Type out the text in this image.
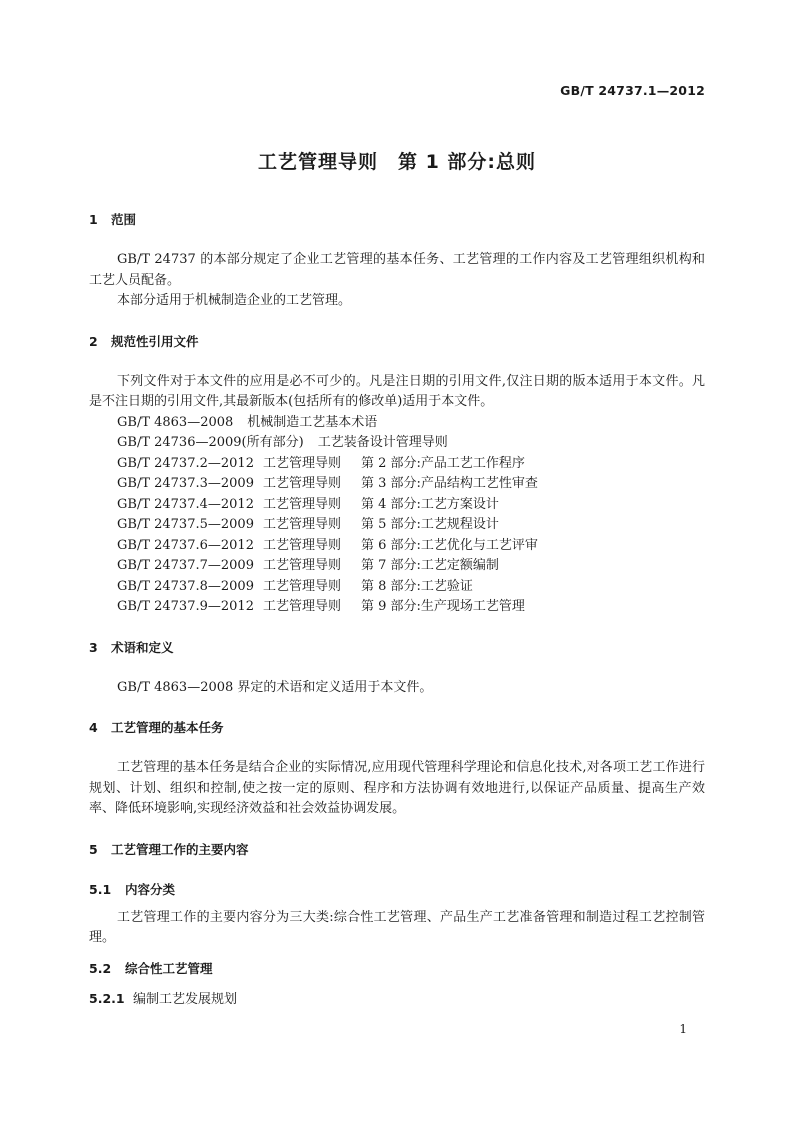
GB/T 24737.1—2012
工艺管理导则　第 1 部分:总则
1 范围
GB/T 24737 的本部分规定了企业工艺管理的基本任务、工艺管理的工作内容及工艺管理组织机构和工艺人员配备。
本部分适用于机械制造企业的工艺管理。
2 规范性引用文件
下列文件对于本文件的应用是必不可少的。凡是注日期的引用文件,仅注日期的版本适用于本文件。凡是不注日期的引用文件,其最新版本(包括所有的修改单)适用于本文件。
GB/T 4863—2008 机械制造工艺基本术语
GB/T 24736—2009(所有部分) 工艺装备设计管理导则
GB/T 24737.2—2012 工艺管理导则 第 2 部分:产品工艺工作程序
GB/T 24737.3—2009 工艺管理导则 第 3 部分:产品结构工艺性审查
GB/T 24737.4—2012 工艺管理导则 第 4 部分:工艺方案设计
GB/T 24737.5—2009 工艺管理导则 第 5 部分:工艺规程设计
GB/T 24737.6—2012 工艺管理导则 第 6 部分:工艺优化与工艺评审
GB/T 24737.7—2009 工艺管理导则 第 7 部分:工艺定额编制
GB/T 24737.8—2009 工艺管理导则 第 8 部分:工艺验证
GB/T 24737.9—2012 工艺管理导则 第 9 部分:生产现场工艺管理
3 术语和定义
GB/T 4863—2008 界定的术语和定义适用于本文件。
4 工艺管理的基本任务
工艺管理的基本任务是结合企业的实际情况,应用现代管理科学理论和信息化技术,对各项工艺工作进行规划、计划、组织和控制,使之按一定的原则、程序和方法协调有效地进行,以保证产品质量、提高生产效率、降低环境影响,实现经济效益和社会效益协调发展。
5 工艺管理工作的主要内容
5.1 内容分类
工艺管理工作的主要内容分为三大类:综合性工艺管理、产品生产工艺准备管理和制造过程工艺控制管理。
5.2 综合性工艺管理
5.2.1 编制工艺发展规划
1
